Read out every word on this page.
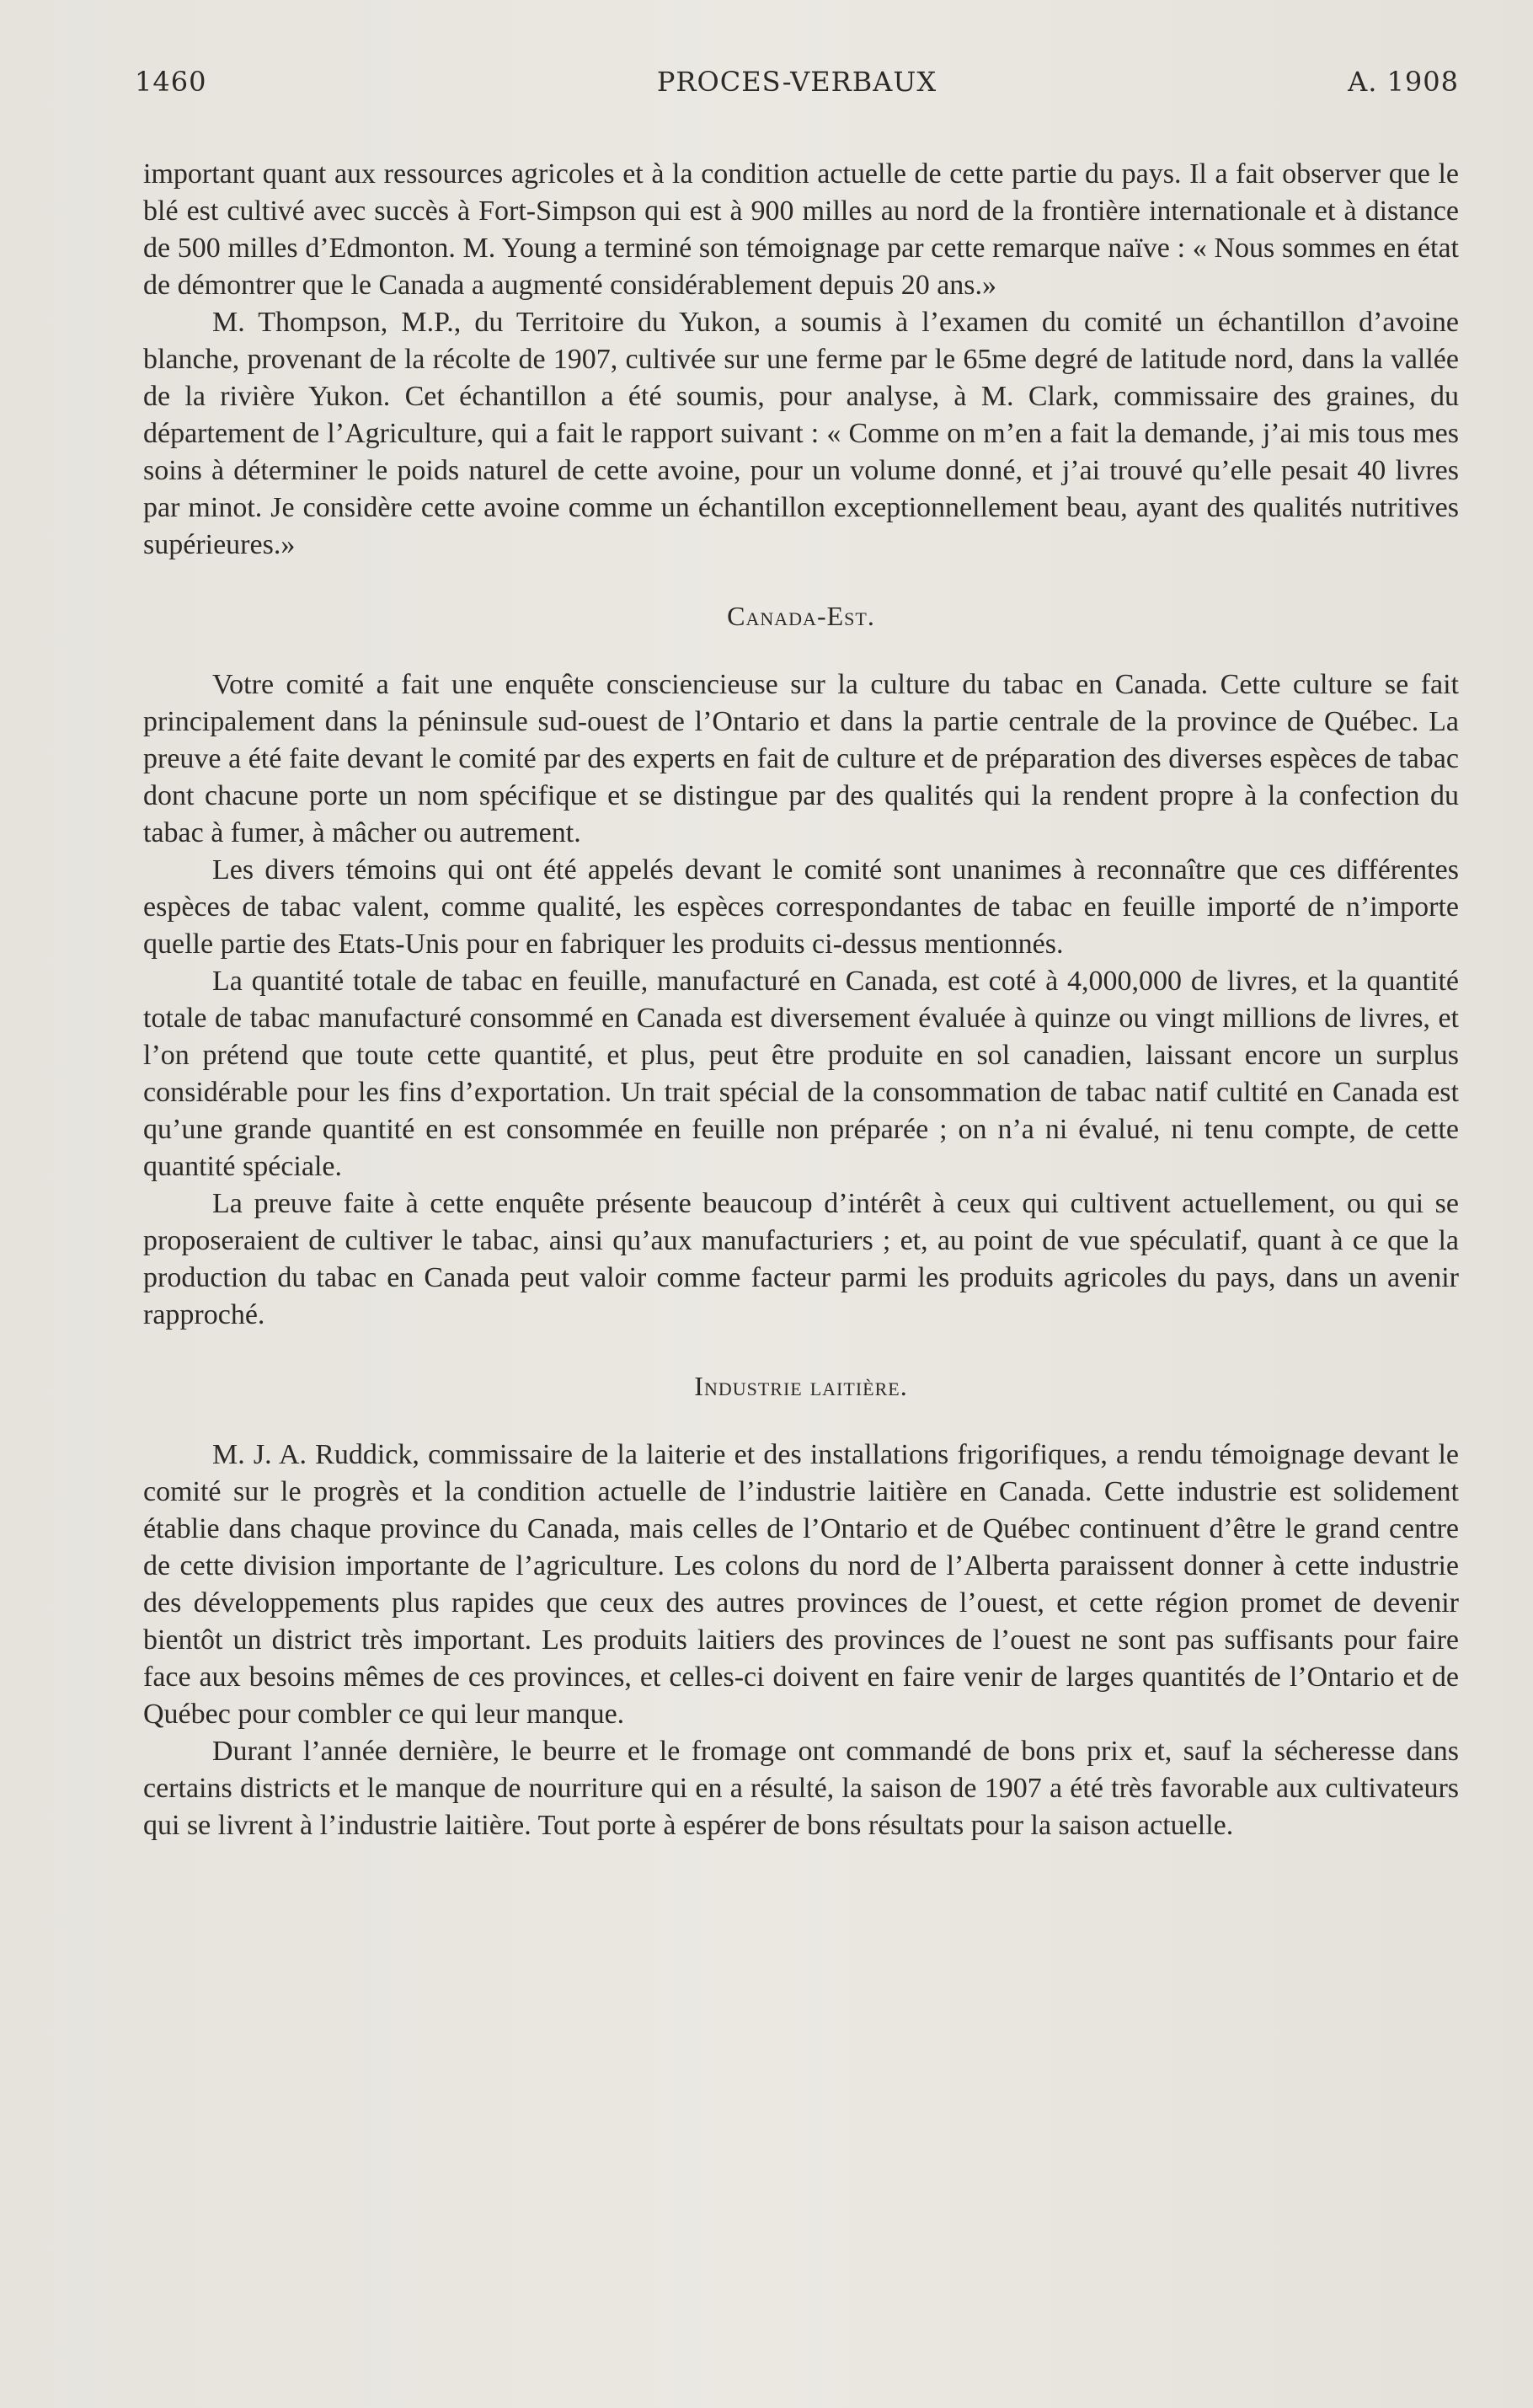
1460	PROCES-VERBAUX	A. 1908

important quant aux ressources agricoles et à la condition actuelle de cette partie du pays. Il a fait observer que le blé est cultivé avec succès à Fort-Simpson qui est à 900 milles au nord de la frontière internationale et à distance de 500 milles d’Edmonton. M. Young a terminé son témoignage par cette remarque naïve : « Nous sommes en état de démontrer que le Canada a augmenté considérablement depuis 20 ans.»

M. Thompson, M.P., du Territoire du Yukon, a soumis à l’examen du comité un échantillon d’avoine blanche, provenant de la récolte de 1907, cultivée sur une ferme par le 65me degré de latitude nord, dans la vallée de la rivière Yukon. Cet échantillon a été soumis, pour analyse, à M. Clark, commissaire des graines, du département de l’Agriculture, qui a fait le rapport suivant : « Comme on m’en a fait la demande, j’ai mis tous mes soins à déterminer le poids naturel de cette avoine, pour un volume donné, et j’ai trouvé qu’elle pesait 40 livres par minot. Je considère cette avoine comme un échantillon exceptionnellement beau, ayant des qualités nutritives supérieures.»

Canada-Est.

Votre comité a fait une enquête consciencieuse sur la culture du tabac en Canada. Cette culture se fait principalement dans la péninsule sud-ouest de l’Ontario et dans la partie centrale de la province de Québec. La preuve a été faite devant le comité par des experts en fait de culture et de préparation des diverses espèces de tabac dont chacune porte un nom spécifique et se distingue par des qualités qui la rendent propre à la confection du tabac à fumer, à mâcher ou autrement.

Les divers témoins qui ont été appelés devant le comité sont unanimes à reconnaître que ces différentes espèces de tabac valent, comme qualité, les espèces correspondantes de tabac en feuille importé de n’importe quelle partie des Etats-Unis pour en fabriquer les produits ci-dessus mentionnés.

La quantité totale de tabac en feuille, manufacturé en Canada, est coté à 4,000,000 de livres, et la quantité totale de tabac manufacturé consommé en Canada est diversement évaluée à quinze ou vingt millions de livres, et l’on prétend que toute cette quantité, et plus, peut être produite en sol canadien, laissant encore un surplus considérable pour les fins d’exportation. Un trait spécial de la consommation de tabac natif cultité en Canada est qu’une grande quantité en est consommée en feuille non préparée ; on n’a ni évalué, ni tenu compte, de cette quantité spéciale.

La preuve faite à cette enquête présente beaucoup d’intérêt à ceux qui cultivent actuellement, ou qui se proposeraient de cultiver le tabac, ainsi qu’aux manufacturiers ; et, au point de vue spéculatif, quant à ce que la production du tabac en Canada peut valoir comme facteur parmi les produits agricoles du pays, dans un avenir rapproché.

Industrie laitière.

M. J. A. Ruddick, commissaire de la laiterie et des installations frigorifiques, a rendu témoignage devant le comité sur le progrès et la condition actuelle de l’industrie laitière en Canada. Cette industrie est solidement établie dans chaque province du Canada, mais celles de l’Ontario et de Québec continuent d’être le grand centre de cette division importante de l’agriculture. Les colons du nord de l’Alberta paraissent donner à cette industrie des développements plus rapides que ceux des autres provinces de l’ouest, et cette région promet de devenir bientôt un district très important. Les produits laitiers des provinces de l’ouest ne sont pas suffisants pour faire face aux besoins mêmes de ces provinces, et celles-ci doivent en faire venir de larges quantités de l’Ontario et de Québec pour combler ce qui leur manque.

Durant l’année dernière, le beurre et le fromage ont commandé de bons prix et, sauf la sécheresse dans certains districts et le manque de nourriture qui en a résulté, la saison de 1907 a été très favorable aux cultivateurs qui se livrent à l’industrie laitière. Tout porte à espérer de bons résultats pour la saison actuelle.
